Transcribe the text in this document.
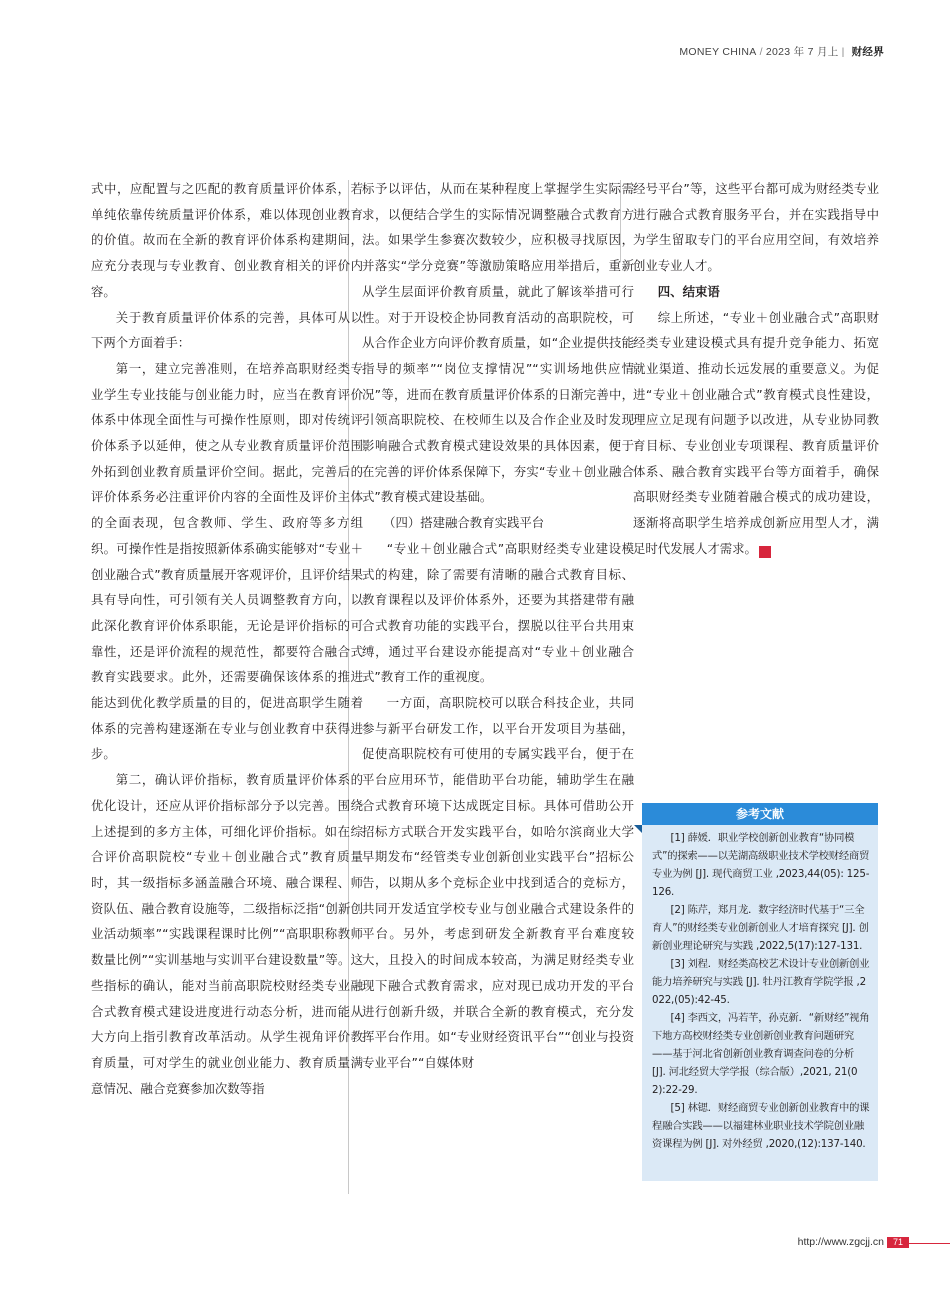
MONEY CHINA / 2023 年 7 月上 | 财经界

式中，应配置与之匹配的教育质量评价体系，若单纯依靠传统质量评价体系，难以体现创业教育的价值。故而在全新的教育评价体系构建期间，应充分表现与专业教育、创业教育相关的评价内容。

关于教育质量评价体系的完善，具体可从以下两个方面着手：

第一，建立完善准则，在培养高职财经类专业学生专业技能与创业能力时，应当在教育评价体系中体现全面性与可操作性原则，即对传统评价体系予以延伸，使之从专业教育质量评价范围外拓到创业教育质量评价空间。据此，完善后的评价体系务必注重评价内容的全面性及评价主体的全面表现，包含教师、学生、政府等多方组织。可操作性是指按照新体系确实能够对“专业＋创业融合式”教育质量展开客观评价，且评价结果具有导向性，可引领有关人员调整教育方向，以此深化教育评价体系职能，无论是评价指标的可靠性，还是评价流程的规范性，都要符合融合式教育实践要求。此外，还需要确保该体系的推进能达到优化教学质量的目的，促进高职学生随着体系的完善构建逐渐在专业与创业教育中获得进步。

第二，确认评价指标，教育质量评价体系的优化设计，还应从评价指标部分予以完善。围绕上述提到的多方主体，可细化评价指标。如在综合评价高职院校“专业＋创业融合式”教育质量时，其一级指标多涵盖融合环境、融合课程、师资队伍、融合教育设施等，二级指标泛指“创新创业活动频率”“实践课程课时比例”“高职职称教师数量比例”“实训基地与实训平台建设数量”等。这些指标的确认，能对当前高职院校财经类专业融合式教育模式建设进度进行动态分析，进而能从大方向上指引教育改革活动。从学生视角评价教育质量，可对学生的就业创业能力、教育质量满意情况、融合竞赛参加次数等指

标予以评估，从而在某种程度上掌握学生实际需求，以便结合学生的实际情况调整融合式教育方法。如果学生参赛次数较少，应积极寻找原因，并落实“学分竞赛”等激励策略应用举措后，重新从学生层面评价教育质量，就此了解该举措可行性。对于开设校企协同教育活动的高职院校，可从合作企业方向评价教育质量，如“企业提供技能指导的频率”“岗位支撑情况”“实训场地供应情况”等，进而在教育质量评价体系的日渐完善中，引领高职院校、在校师生以及合作企业及时发现影响融合式教育模式建设效果的具体因素，便于在完善的评价体系保障下，夯实“专业＋创业融合式”教育模式建设基础。

（四）搭建融合教育实践平台

“专业＋创业融合式”高职财经类专业建设模式的构建，除了需要有清晰的融合式教育目标、教育课程以及评价体系外，还要为其搭建带有融合式教育功能的实践平台，摆脱以往平台共用束缚，通过平台建设亦能提高对“专业＋创业融合式”教育工作的重视度。

一方面，高职院校可以联合科技企业，共同参与新平台研发工作，以平台开发项目为基础，促使高职院校有可使用的专属实践平台，便于在平台应用环节，能借助平台功能，辅助学生在融合式教育环境下达成既定目标。具体可借助公开招标方式联合开发实践平台，如哈尔滨商业大学早期发布“经管类专业创新创业实践平台”招标公告，以期从多个竞标企业中找到适合的竞标方，共同开发适宜学校专业与创业融合式建设条件的平台。另外，考虑到研发全新教育平台难度较大，且投入的时间成本较高，为满足财经类专业现下融合式教育需求，应对现已成功开发的平台进行创新升级，并联合全新的教育模式，充分发挥平台作用。如“专业财经资讯平台”“创业与投资专业平台”“自媒体财

经号平台”等，这些平台都可成为财经类专业进行融合式教育服务平台，并在实践指导中为学生留取专门的平台应用空间，有效培养创业专业人才。

四、结束语

综上所述，“专业＋创业融合式”高职财经类专业建设模式具有提升竞争能力、拓宽就业渠道、推动长远发展的重要意义。为促进“专业＋创业融合式”教育模式良性建设，理应立足现有问题予以改进，从专业协同教育目标、专业创业专项课程、教育质量评价体系、融合教育实践平台等方面着手，确保高职财经类专业随着融合模式的成功建设，逐渐将高职学生培养成创新应用型人才，满足时代发展人才需求。	M

参考文献

[1] 薛媛．职业学校创新创业教育“协同模式”的探索——以芜湖高级职业技术学校财经商贸专业为例 [J]. 现代商贸工业 ,2023,44(05): 125-126.

[2] 陈芹，郑月龙．数字经济时代基于“三全育人”的财经类专业创新创业人才培育探究 [J]. 创新创业理论研究与实践 ,2022,5(17):127-131.

[3] 刘程．财经类高校艺术设计专业创新创业能力培养研究与实践 [J]. 牡丹江教育学院学报 ,2022,(05):42-45.

[4] 李西文，冯若芊，孙克新．“新财经”视角下地方高校财经类专业创新创业教育问题研究——基于河北省创新创业教育调查问卷的分析 [J]. 河北经贸大学学报（综合版）,2021, 21(02):22-29.

[5] 林锶．财经商贸专业创新创业教育中的课程融合实践——以福建林业职业技术学院创业融资课程为例 [J]. 对外经贸 ,2020,(12):137-140.

http://www.zgcjj.cn 71
